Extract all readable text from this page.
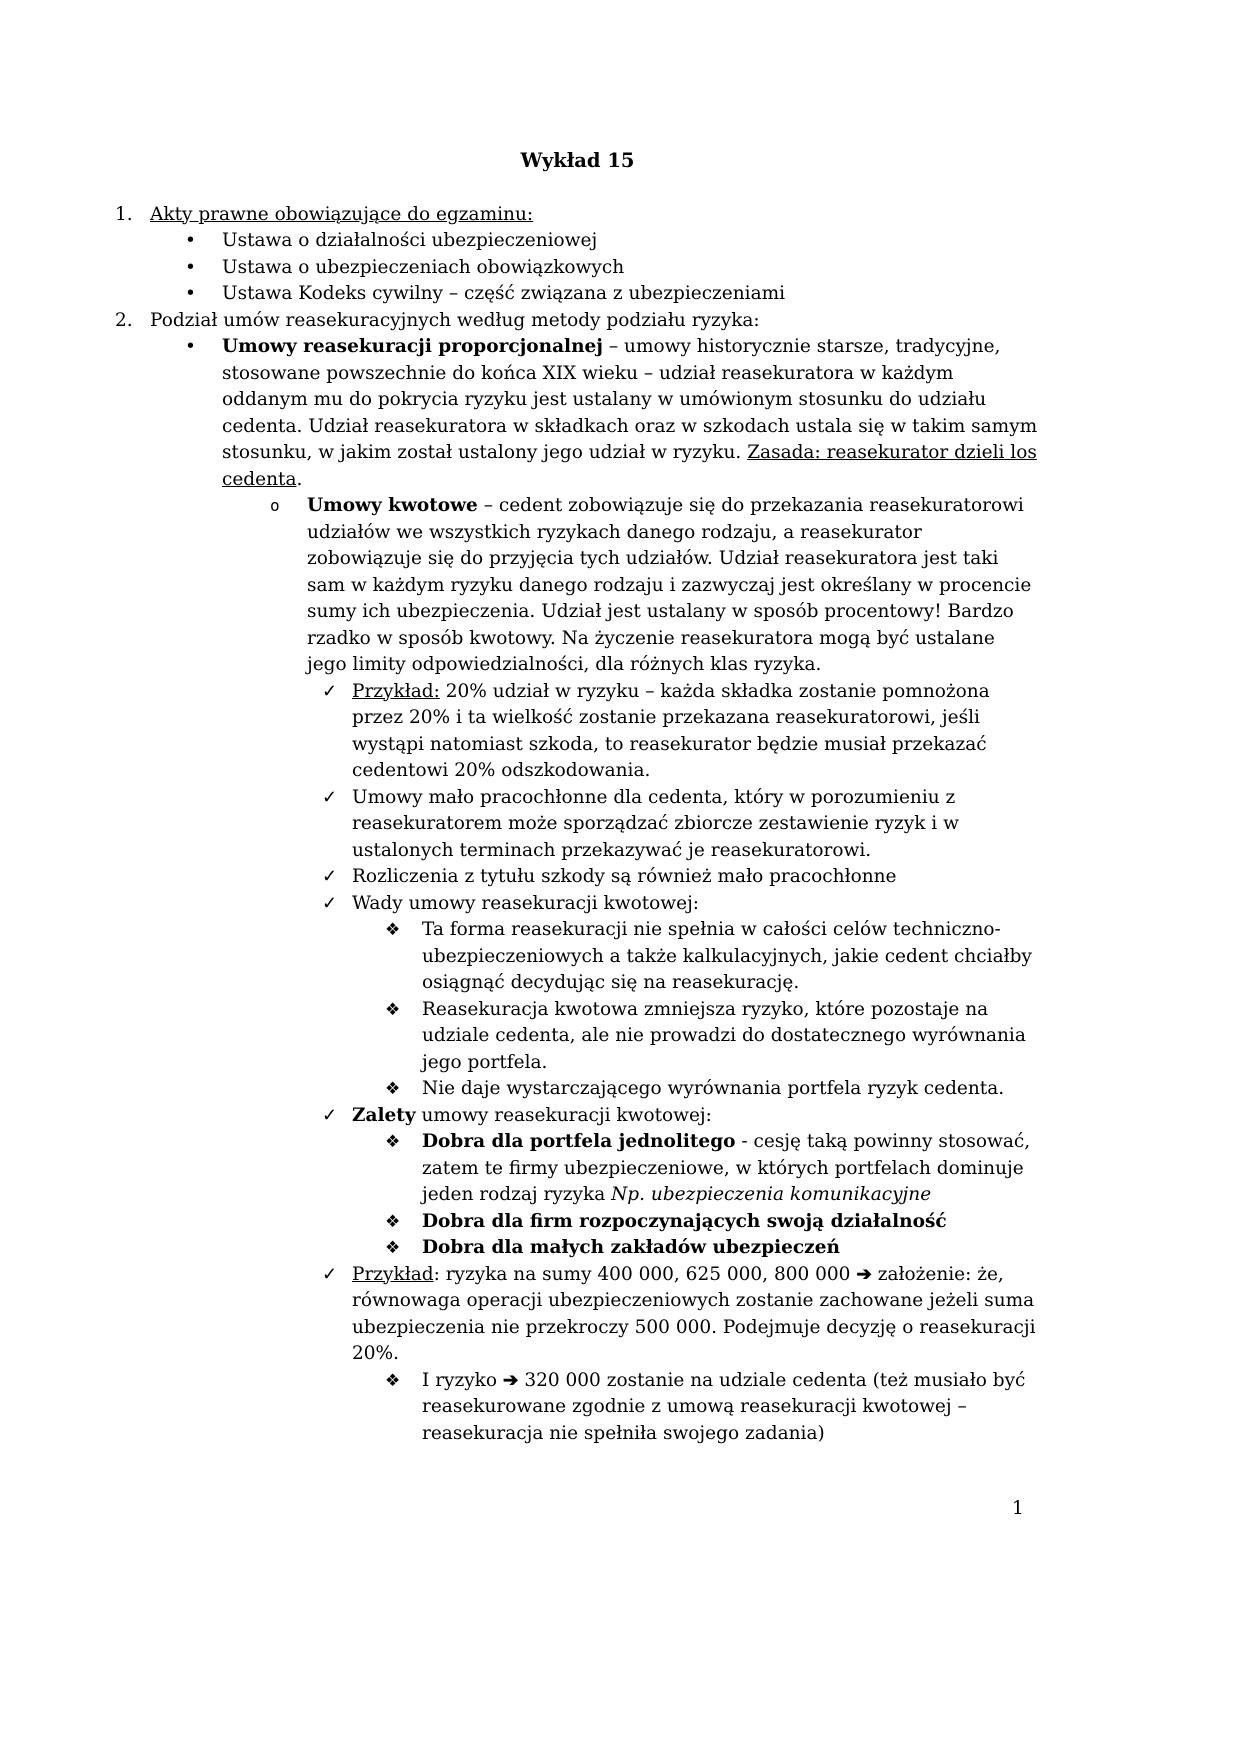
Wykład 15
1. Akty prawne obowiązujące do egzaminu:
•	Ustawa o działalności ubezpieczeniowej
•	Ustawa o ubezpieczeniach obowiązkowych
•	Ustawa Kodeks cywilny – część związana z ubezpieczeniami
2. Podział umów reasekuracyjnych według metody podziału ryzyka:
•	Umowy reasekuracji proporcjonalnej – umowy historycznie starsze, tradycyjne, stosowane powszechnie do końca XIX wieku – udział reasekuratora w każdym oddanym mu do pokrycia ryzyku jest ustalany w umówionym stosunku do udziału cedenta. Udział reasekuratora w składkach oraz w szkodach ustala się w takim samym stosunku, w jakim został ustalony jego udział w ryzyku. Zasada: reasekurator dzieli los cedenta.
o	Umowy kwotowe – cedent zobowiązuje się do przekazania reasekuratorowi udziałów we wszystkich ryzykach danego rodzaju, a reasekurator zobowiązuje się do przyjęcia tych udziałów. Udział reasekuratora jest taki sam w każdym ryzyku danego rodzaju i zazwyczaj jest określany w procencie sumy ich ubezpieczenia. Udział jest ustalany w sposób procentowy! Bardzo rzadko w sposób kwotowy. Na życzenie reasekuratora mogą być ustalane jego limity odpowiedzialności, dla różnych klas ryzyka.
✓ Przykład: 20% udział w ryzyku – każda składka zostanie pomnożona przez 20% i ta wielkość zostanie przekazana reasekuratorowi, jeśli wystąpi natomiast szkoda, to reasekurator będzie musiał przekazać cedentowi 20% odszkodowania.
✓ Umowy mało pracochłonne dla cedenta, który w porozumieniu z reasekuratorem może sporządzać zbiorcze zestawienie ryzyk i w ustalonych terminach przekazywać je reasekuratorowi.
✓ Rozliczenia z tytułu szkody są również mało pracochłonne
✓ Wady umowy reasekuracji kwotowej:
❖	Ta forma reasekuracji nie spełnia w całości celów techniczno-ubezpieczeniowych a także kalkulacyjnych, jakie cedent chciałby osiągnąć decydując się na reasekurację.
❖	Reasekuracja kwotowa zmniejsza ryzyko, które pozostaje na udziale cedenta, ale nie prowadzi do dostatecznego wyrównania jego portfela.
❖	Nie daje wystarczającego wyrównania portfela ryzyk cedenta.
✓ Zalety umowy reasekuracji kwotowej:
❖	Dobra dla portfela jednolitego - cesję taką powinny stosować, zatem te firmy ubezpieczeniowe, w których portfelach dominuje jeden rodzaj ryzyka Np. ubezpieczenia komunikacyjne
❖	Dobra dla firm rozpoczynających swoją działalność
❖	Dobra dla małych zakładów ubezpieczeń
✓ Przykład: ryzyka na sumy 400 000, 625 000, 800 000 ➔ założenie: że, równowaga operacji ubezpieczeniowych zostanie zachowane jeżeli suma ubezpieczenia nie przekroczy 500 000. Podejmuje decyzję o reasekuracji 20%.
❖	I ryzyko ➔ 320 000 zostanie na udziale cedenta (też musiało być reasekurowane zgodnie z umową reasekuracji kwotowej – reasekuracja nie spełniła swojego zadania)
1
